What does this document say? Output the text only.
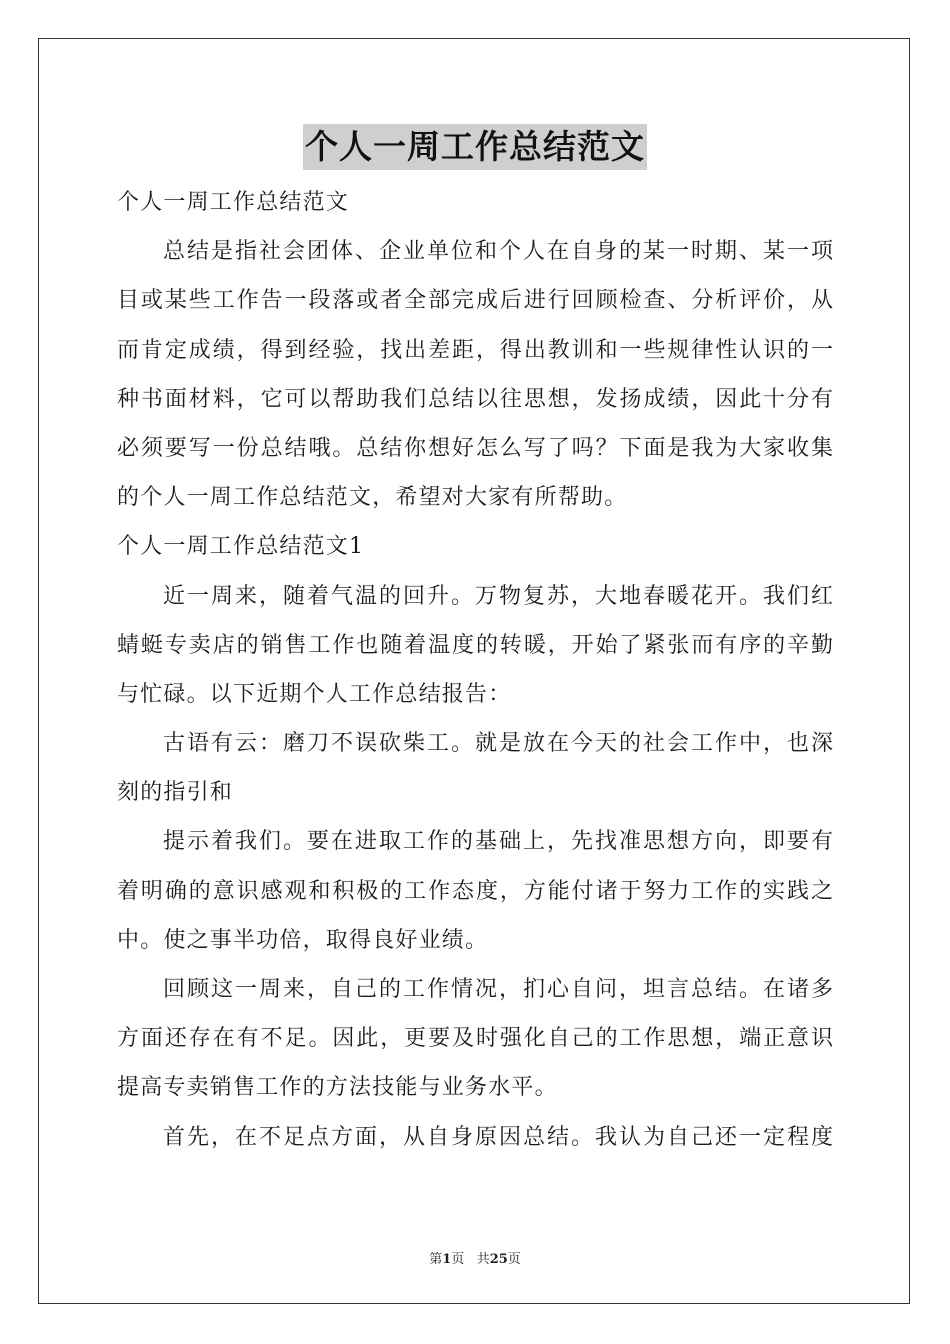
个人一周工作总结范文
个人一周工作总结范文
总结是指社会团体、企业单位和个人在自身的某一时期、某一项
目或某些工作告一段落或者全部完成后进行回顾检查、分析评价，从
而肯定成绩，得到经验，找出差距，得出教训和一些规律性认识的一
种书面材料，它可以帮助我们总结以往思想，发扬成绩，因此十分有
必须要写一份总结哦。总结你想好怎么写了吗？下面是我为大家收集
的个人一周工作总结范文，希望对大家有所帮助。
个人一周工作总结范文1
近一周来，随着气温的回升。万物复苏，大地春暖花开。我们红
蜻蜓专卖店的销售工作也随着温度的转暖，开始了紧张而有序的辛勤
与忙碌。以下近期个人工作总结报告：
古语有云：磨刀不误砍柴工。就是放在今天的社会工作中，也深
刻的指引和
提示着我们。要在进取工作的基础上，先找准思想方向，即要有
着明确的意识感观和积极的工作态度，方能付诸于努力工作的实践之
中。使之事半功倍，取得良好业绩。
回顾这一周来，自己的工作情况，扪心自问，坦言总结。在诸多
方面还存在有不足。因此，更要及时强化自己的工作思想，端正意识
提高专卖销售工作的方法技能与业务水平。
首先，在不足点方面，从自身原因总结。我认为自己还一定程度
第1页 共25页
